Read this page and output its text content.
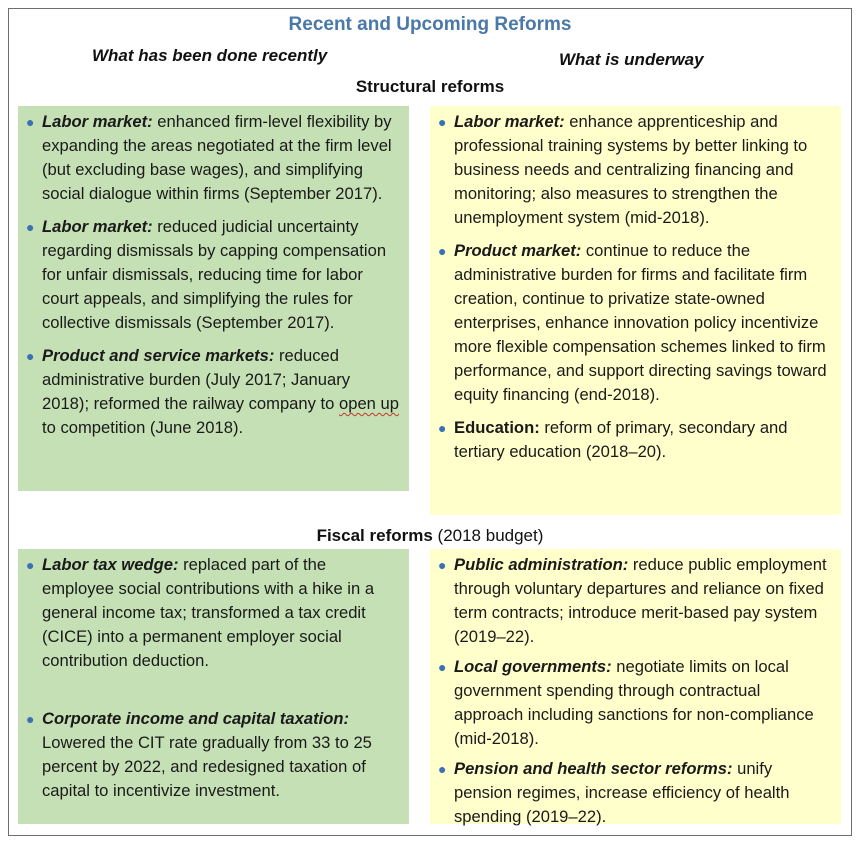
Recent and Upcoming Reforms
What has been done recently	What is underway
Structural reforms
● Labor market: enhanced firm-level flexibility by expanding the areas negotiated at the firm level (but excluding base wages), and simplifying social dialogue within firms (September 2017).
● Labor market: reduced judicial uncertainty regarding dismissals by capping compensation for unfair dismissals, reducing time for labor court appeals, and simplifying the rules for collective dismissals (September 2017).
● Product and service markets: reduced administrative burden (July 2017; January 2018); reformed the railway company to open up to competition (June 2018).
● Labor market: enhance apprenticeship and professional training systems by better linking to business needs and centralizing financing and monitoring; also measures to strengthen the unemployment system (mid-2018).
● Product market: continue to reduce the administrative burden for firms and facilitate firm creation, continue to privatize state-owned enterprises, enhance innovation policy incentivize more flexible compensation schemes linked to firm performance, and support directing savings toward equity financing (end-2018).
● Education: reform of primary, secondary and tertiary education (2018–20).
Fiscal reforms (2018 budget)
● Labor tax wedge: replaced part of the employee social contributions with a hike in a general income tax; transformed a tax credit (CICE) into a permanent employer social contribution deduction.
● Corporate income and capital taxation: Lowered the CIT rate gradually from 33 to 25 percent by 2022, and redesigned taxation of capital to incentivize investment.
● Public administration: reduce public employment through voluntary departures and reliance on fixed term contracts; introduce merit-based pay system (2019–22).
● Local governments: negotiate limits on local government spending through contractual approach including sanctions for non-compliance (mid-2018).
● Pension and health sector reforms: unify pension regimes, increase efficiency of health spending (2019–22).
